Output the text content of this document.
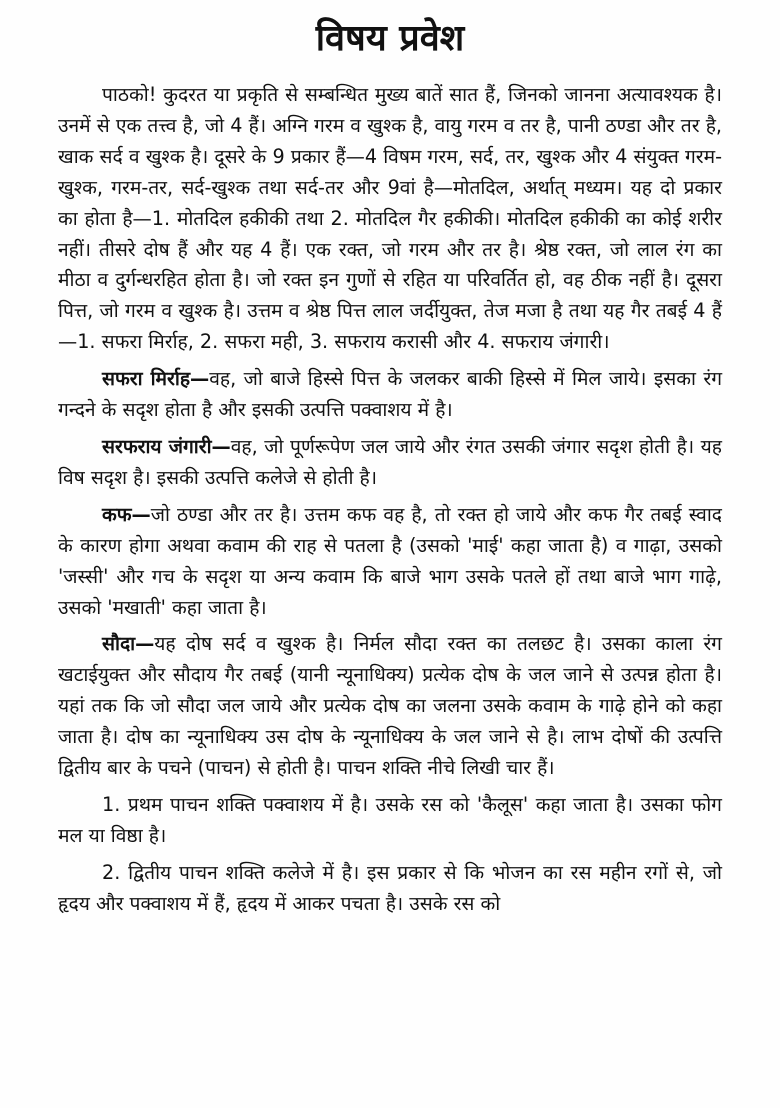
विषय प्रवेश

पाठको! कुदरत या प्रकृति से सम्बन्धित मुख्य बातें सात हैं, जिनको जानना अत्यावश्यक है। उनमें से एक तत्त्व है, जो 4 हैं। अग्नि गरम व खुश्क है, वायु गरम व तर है, पानी ठण्डा और तर है, खाक सर्द व खुश्क है। दूसरे के 9 प्रकार हैं—4 विषम गरम, सर्द, तर, खुश्क और 4 संयुक्त गरम-खुश्क, गरम-तर, सर्द-खुश्क तथा सर्द-तर और 9वां है—मोतदिल, अर्थात् मध्यम। यह दो प्रकार का होता है—1. मोतदिल हकीकी तथा 2. मोतदिल गैर हकीकी। मोतदिल हकीकी का कोई शरीर नहीं। तीसरे दोष हैं और यह 4 हैं। एक रक्त, जो गरम और तर है। श्रेष्ठ रक्त, जो लाल रंग का मीठा व दुर्गन्धरहित होता है। जो रक्त इन गुणों से रहित या परिवर्तित हो, वह ठीक नहीं है। दूसरा पित्त, जो गरम व खुश्क है। उत्तम व श्रेष्ठ पित्त लाल जर्दीयुक्त, तेज मजा है तथा यह गैर तबई 4 हैं—1. सफरा मिर्राह, 2. सफरा मही, 3. सफराय करासी और 4. सफराय जंगारी।

सफरा मिर्राह—वह, जो बाजे हिस्से पित्त के जलकर बाकी हिस्से में मिल जाये। इसका रंग गन्दने के सदृश होता है और इसकी उत्पत्ति पक्वाशय में है।

सरफराय जंगारी—वह, जो पूर्णरूपेण जल जाये और रंगत उसकी जंगार सदृश होती है। यह विष सदृश है। इसकी उत्पत्ति कलेजे से होती है।

कफ—जो ठण्डा और तर है। उत्तम कफ वह है, तो रक्त हो जाये और कफ गैर तबई स्वाद के कारण होगा अथवा कवाम की राह से पतला है (उसको 'माई' कहा जाता है) व गाढ़ा, उसको 'जस्सी' और गच के सदृश या अन्य कवाम कि बाजे भाग उसके पतले हों तथा बाजे भाग गाढ़े, उसको 'मखाती' कहा जाता है।

सौदा—यह दोष सर्द व खुश्क है। निर्मल सौदा रक्त का तलछट है। उसका काला रंग खटाईयुक्त और सौदाय गैर तबई (यानी न्यूनाधिक्य) प्रत्येक दोष के जल जाने से उत्पन्न होता है। यहां तक कि जो सौदा जल जाये और प्रत्येक दोष का जलना उसके कवाम के गाढ़े होने को कहा जाता है। दोष का न्यूनाधिक्य उस दोष के न्यूनाधिक्य के जल जाने से है। लाभ दोषों की उत्पत्ति द्वितीय बार के पचने (पाचन) से होती है। पाचन शक्ति नीचे लिखी चार हैं।

1. प्रथम पाचन शक्ति पक्वाशय में है। उसके रस को 'कैलूस' कहा जाता है। उसका फोग मल या विष्ठा है।

2. द्वितीय पाचन शक्ति कलेजे में है। इस प्रकार से कि भोजन का रस महीन रगों से, जो हृदय और पक्वाशय में हैं, हृदय में आकर पचता है। उसके रस को
